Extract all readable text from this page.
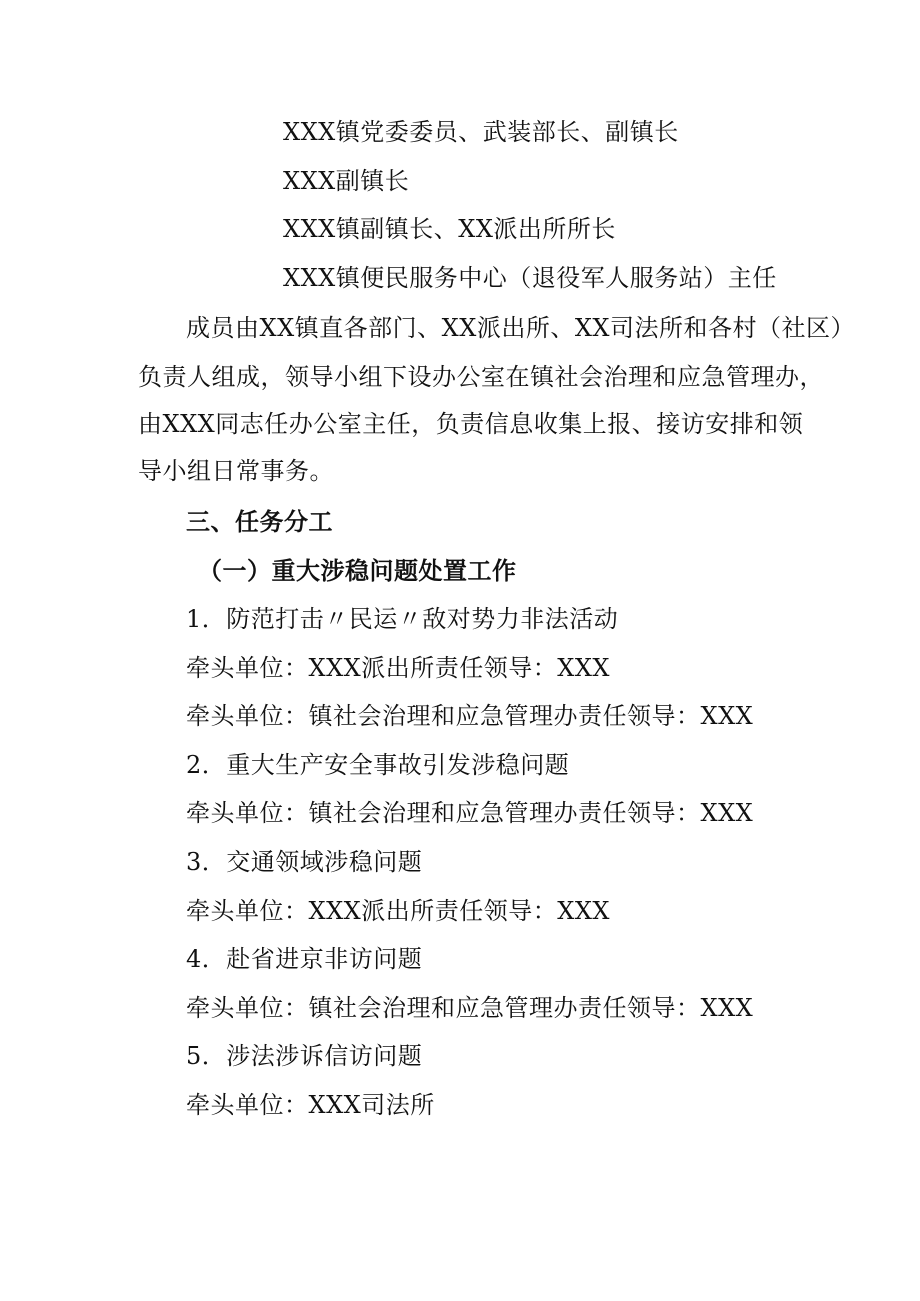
XXX镇党委委员、武装部长、副镇长
XXX副镇长
XXX镇副镇长、XX派出所所长
XXX镇便民服务中心（退役军人服务站）主任
成员由XX镇直各部门、XX派出所、XX司法所和各村（社区）
负责人组成，领导小组下设办公室在镇社会治理和应急管理办，
由XXX同志任办公室主任，负责信息收集上报、接访安排和领
导小组日常事务。
三、任务分工
（一）重大涉稳问题处置工作
1．防范打击〃民运〃敌对势力非法活动
牵头单位：XXX派出所责任领导：XXX
牵头单位：镇社会治理和应急管理办责任领导：XXX
2．重大生产安全事故引发涉稳问题
牵头单位：镇社会治理和应急管理办责任领导：XXX
3．交通领域涉稳问题
牵头单位：XXX派出所责任领导：XXX
4．赴省进京非访问题
牵头单位：镇社会治理和应急管理办责任领导：XXX
5．涉法涉诉信访问题
牵头单位：XXX司法所
